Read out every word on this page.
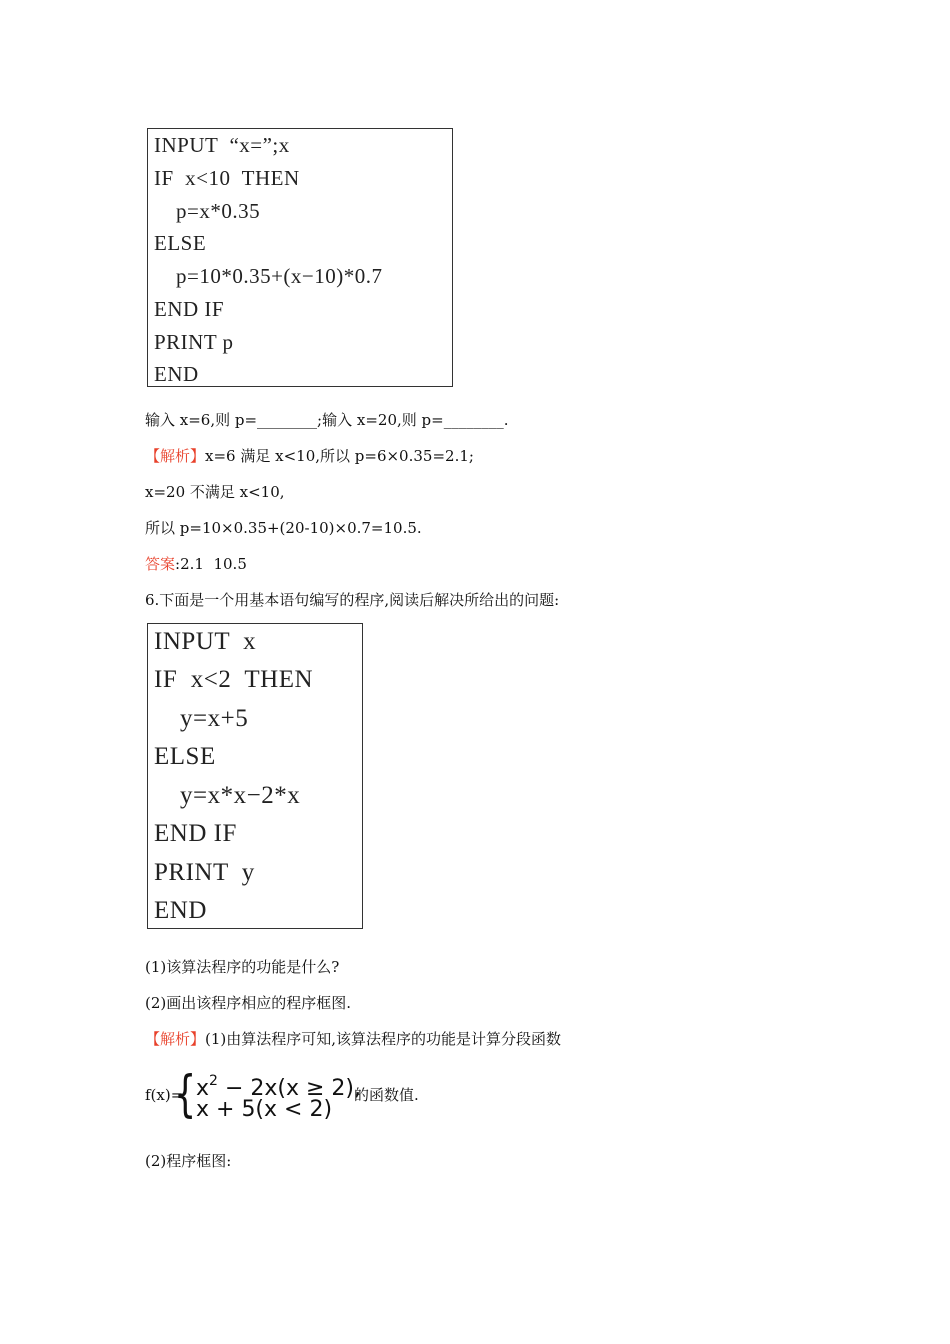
INPUT  “x=”;x
IF  x<10  THEN
p=x*0.35
ELSE
p=10*0.35+(x−10)*0.7
END IF
PRINT p
END
输入 x=6,则 p=________;输入 x=20,则 p=________.
【解析】x=6 满足 x<10,所以 p=6×0.35=2.1;
x=20 不满足 x<10,
所以 p=10×0.35+(20-10)×0.7=10.5.
答案:2.1  10.5
6.下面是一个用基本语句编写的程序,阅读后解决所给出的问题:
INPUT  x
IF  x<2  THEN
y=x+5
ELSE
y=x*x−2*x
END IF
PRINT  y
END
(1)该算法程序的功能是什么?
(2)画出该程序相应的程序框图.
【解析】(1)由算法程序可知,该算法程序的功能是计算分段函数
f(x)=
{ $x^2 - 2x(x \ge 2)$,
x + 5(x < 2)
的函数值.
(2)程序框图:
